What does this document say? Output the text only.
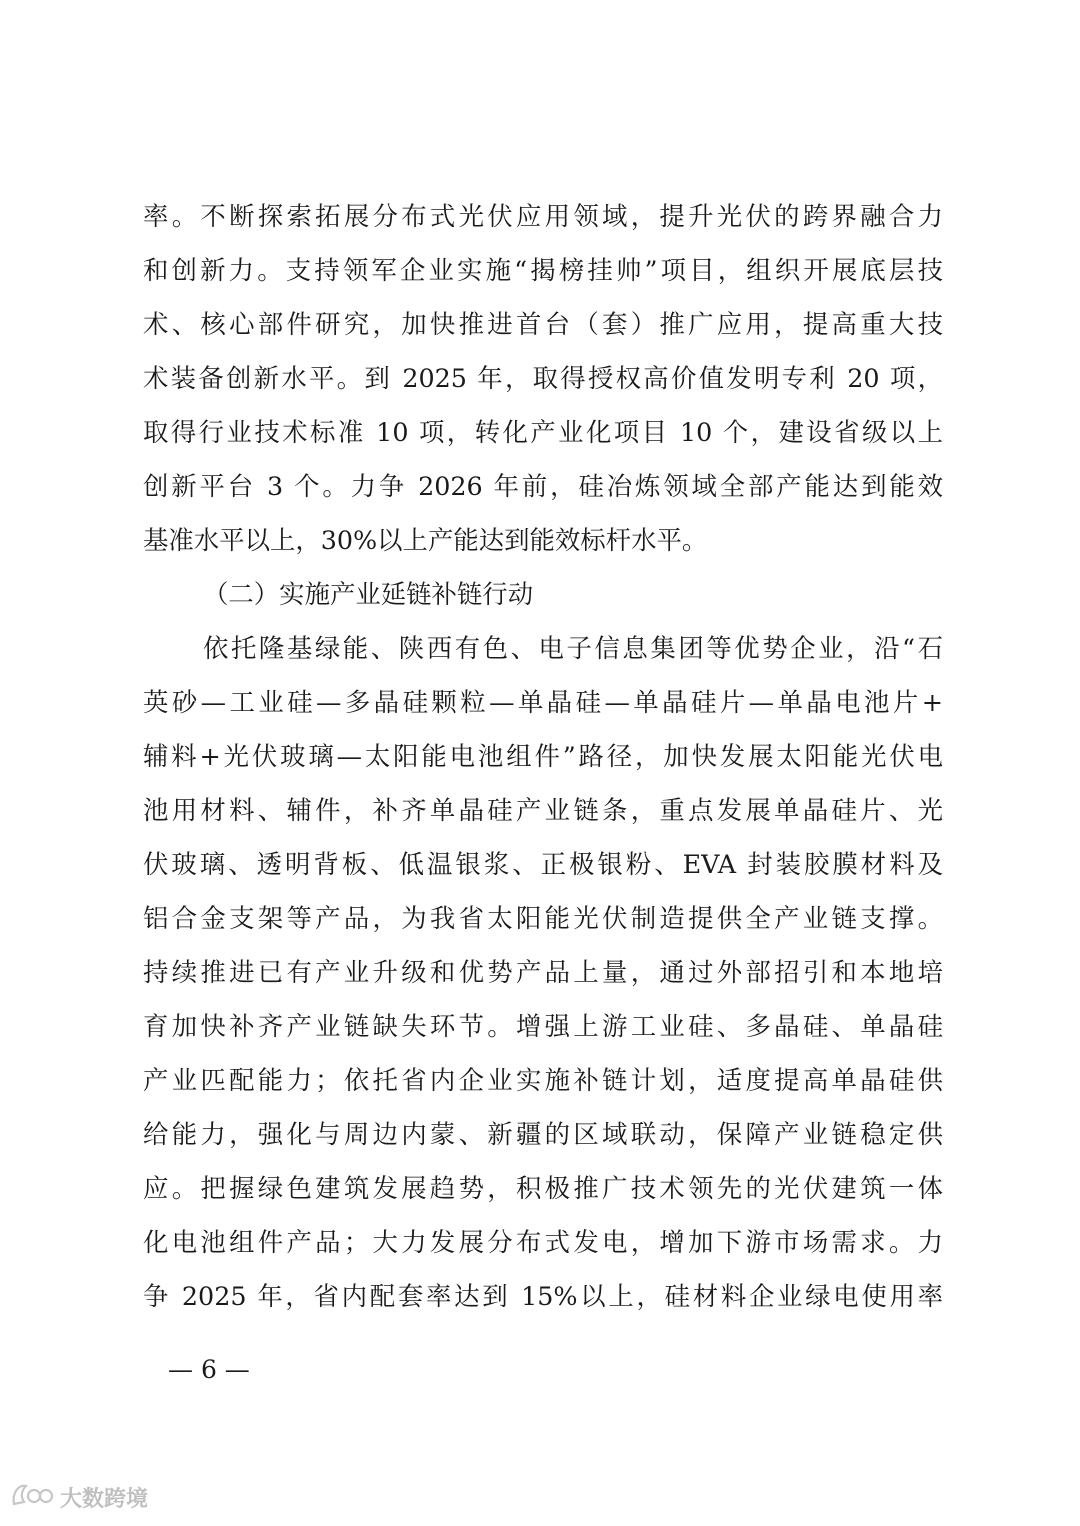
率。不断探索拓展分布式光伏应用领域，提升光伏的跨界融合力
和创新力。支持领军企业实施“揭榜挂帅”项目，组织开展底层技
术、核心部件研究，加快推进首台（套）推广应用，提高重大技
术装备创新水平。到 2025 年，取得授权高价值发明专利 20 项，
取得行业技术标准 10 项，转化产业化项目 10 个，建设省级以上
创新平台 3 个。力争 2026 年前，硅冶炼领域全部产能达到能效
基准水平以上，30%以上产能达到能效标杆水平。
（二）实施产业延链补链行动
依托隆基绿能、陕西有色、电子信息集团等优势企业，沿“石
英砂—工业硅—多晶硅颗粒—单晶硅—单晶硅片—单晶电池片+
辅料+光伏玻璃—太阳能电池组件”路径，加快发展太阳能光伏电
池用材料、辅件，补齐单晶硅产业链条，重点发展单晶硅片、光
伏玻璃、透明背板、低温银浆、正极银粉、EVA 封装胶膜材料及
铝合金支架等产品，为我省太阳能光伏制造提供全产业链支撑。
持续推进已有产业升级和优势产品上量，通过外部招引和本地培
育加快补齐产业链缺失环节。增强上游工业硅、多晶硅、单晶硅
产业匹配能力；依托省内企业实施补链计划，适度提高单晶硅供
给能力，强化与周边内蒙、新疆的区域联动，保障产业链稳定供
应。把握绿色建筑发展趋势，积极推广技术领先的光伏建筑一体
化电池组件产品；大力发展分布式发电，增加下游市场需求。力
争 2025 年，省内配套率达到 15%以上，硅材料企业绿电使用率
— 6 —
大数跨境
